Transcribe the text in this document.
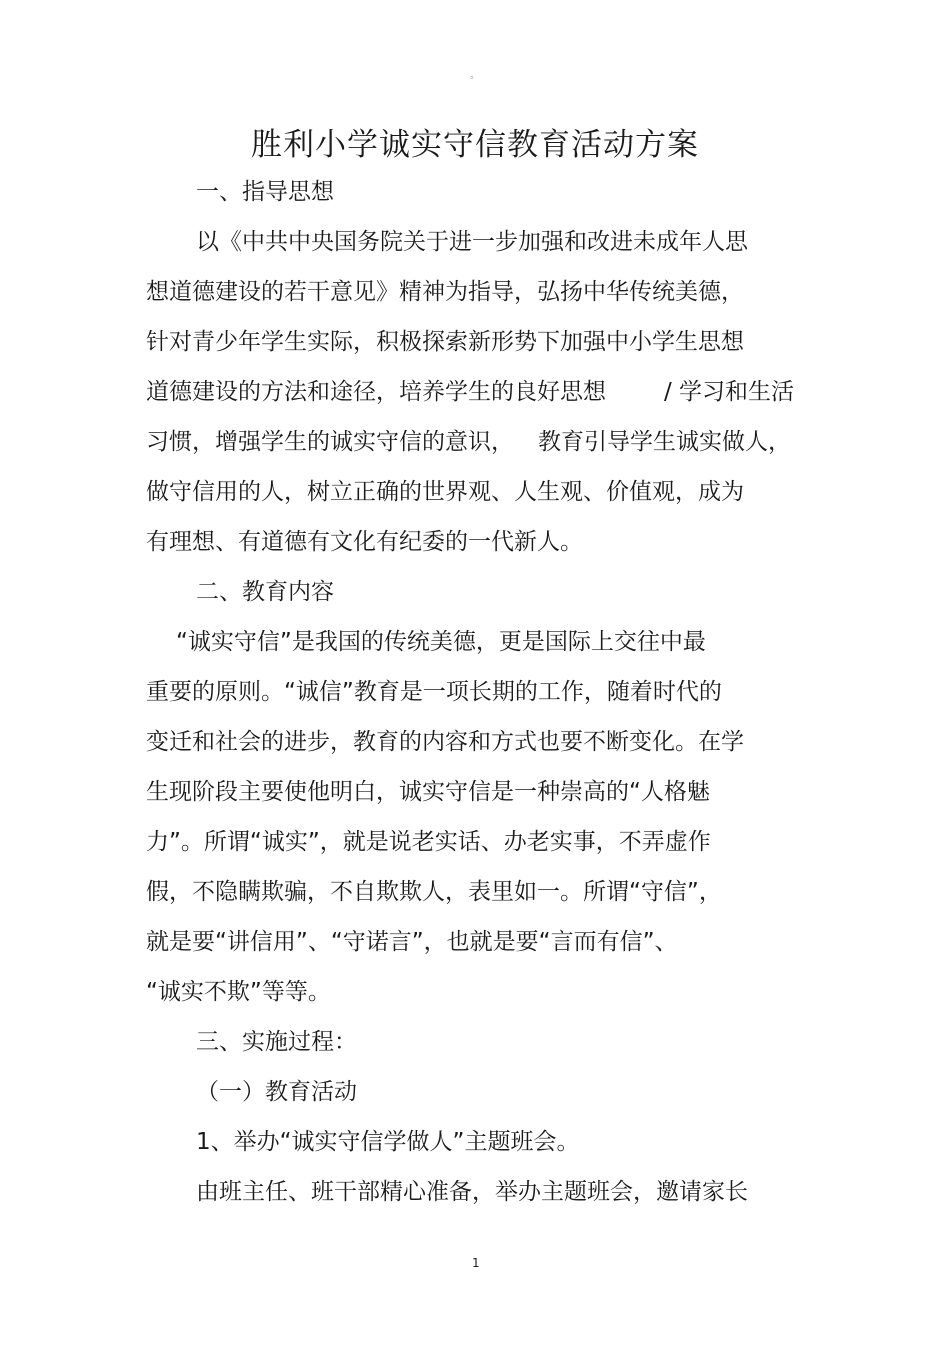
。
胜利小学诚实守信教育活动方案
一、指导思想
以《中共中央国务院关于进一步加强和改进未成年人思
想道德建设的若干意见》精神为指导，弘扬中华传统美德，
针对青少年学生实际，积极探索新形势下加强中小学生思想
道德建设的方法和途径，培养学生的良好思想	/ 学习和生活
习惯，增强学生的诚实守信的意识， 教育引导学生诚实做人，
做守信用的人，树立正确的世界观、人生观、价值观，成为
有理想、有道德有文化有纪委的一代新人。
二、教育内容
“诚实守信”是我国的传统美德，更是国际上交往中最
重要的原则。“诚信”教育是一项长期的工作，随着时代的
变迁和社会的进步，教育的内容和方式也要不断变化。在学
生现阶段主要使他明白，诚实守信是一种崇高的“人格魅
力”。所谓“诚实”，就是说老实话、办老实事，不弄虚作
假，不隐瞒欺骗，不自欺欺人，表里如一。所谓“守信”，
就是要“讲信用”、“守诺言”，也就是要“言而有信”、
“诚实不欺”等等。
三、实施过程：
（一）教育活动
1、举办“诚实守信学做人”主题班会。
由班主任、班干部精心准备，举办主题班会，邀请家长
1
